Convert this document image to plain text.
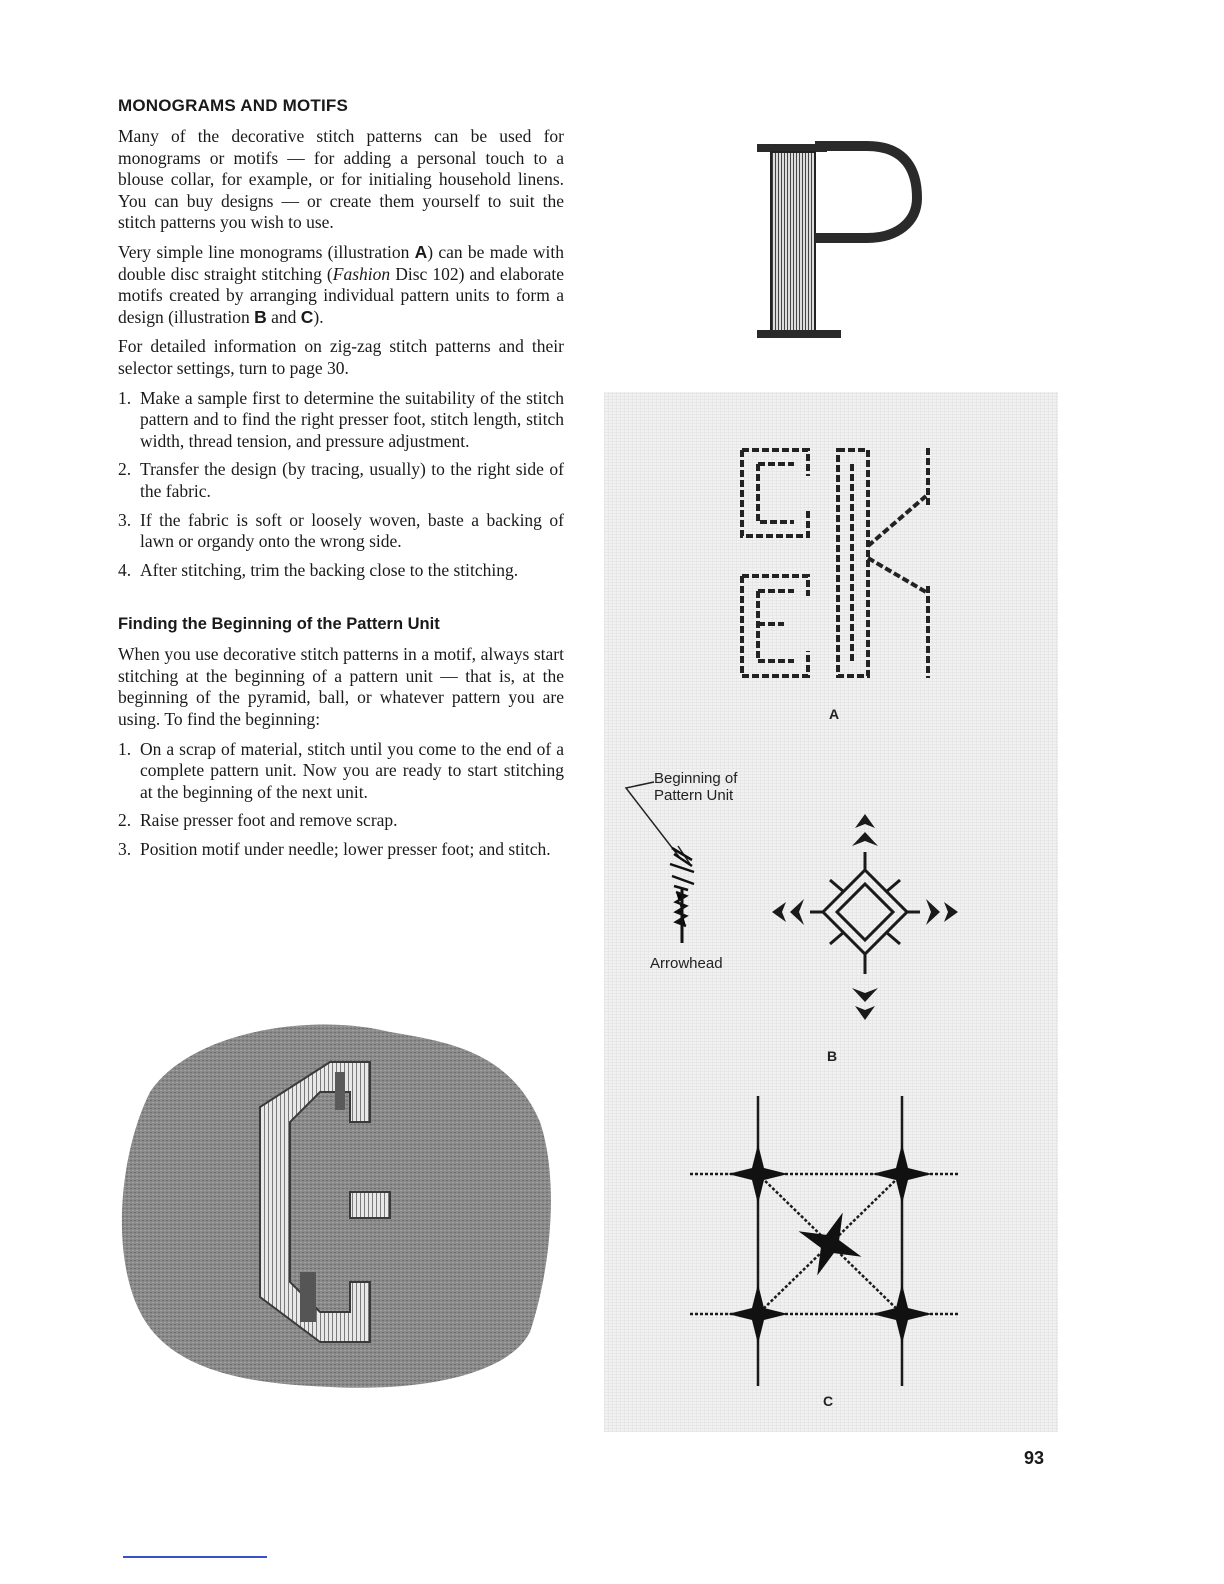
MONOGRAMS AND MOTIFS

Many of the decorative stitch patterns can be used for monograms or motifs — for adding a personal touch to a blouse collar, for example, or for initialing household linens. You can buy designs — or create them yourself to suit the stitch patterns you wish to use.

Very simple line monograms (illustration A) can be made with double disc straight stitching (Fashion Disc 102) and elaborate motifs created by arranging individual pattern units to form a design (illustration B and C).

For detailed information on zig-zag stitch patterns and their selector settings, turn to page 30.

1. Make a sample first to determine the suitability of the stitch pattern and to find the right presser foot, stitch length, stitch width, thread tension, and pressure adjustment.
2. Transfer the design (by tracing, usually) to the right side of the fabric.
3. If the fabric is soft or loosely woven, baste a backing of lawn or organdy onto the wrong side.
4. After stitching, trim the backing close to the stitching.
Finding the Beginning of the Pattern Unit

When you use decorative stitch patterns in a motif, always start stitching at the beginning of a pattern unit — that is, at the beginning of the pyramid, ball, or whatever pattern you are using. To find the beginning:

1. On a scrap of material, stitch until you come to the end of a complete pattern unit. Now you are ready to start stitching at the beginning of the next unit.
2. Raise presser foot and remove scrap.
3. Position motif under needle; lower presser foot; and stitch.
A
Beginning of
Pattern Unit
Arrowhead
B
C
93
